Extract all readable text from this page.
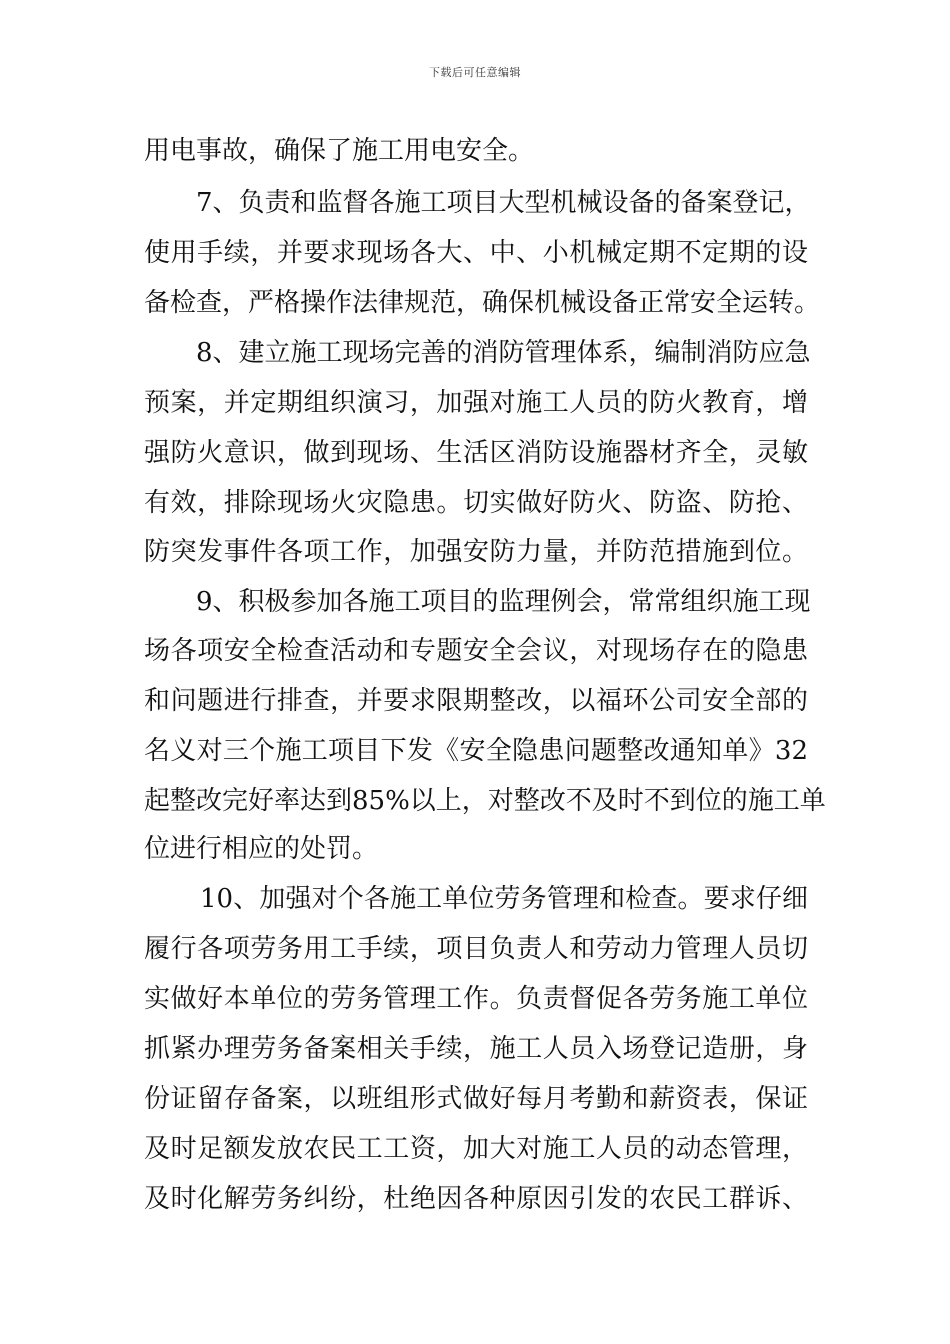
下载后可任意编辑
用电事故，确保了施工用电安全。
7、负责和监督各施工项目大型机械设备的备案登记，
使用手续，并要求现场各大、中、小机械定期不定期的设
备检查，严格操作法律规范，确保机械设备正常安全运转。
8、建立施工现场完善的消防管理体系，编制消防应急
预案，并定期组织演习，加强对施工人员的防火教育，增
强防火意识，做到现场、生活区消防设施器材齐全，灵敏
有效，排除现场火灾隐患。切实做好防火、防盗、防抢、
防突发事件各项工作，加强安防力量，并防范措施到位。
9、积极参加各施工项目的监理例会，常常组织施工现
场各项安全检查活动和专题安全会议，对现场存在的隐患
和问题进行排查，并要求限期整改，以福环公司安全部的
名义对三个施工项目下发《安全隐患问题整改通知单》32
起整改完好率达到85%以上，对整改不及时不到位的施工单
位进行相应的处罚。
10、加强对个各施工单位劳务管理和检查。要求仔细
履行各项劳务用工手续，项目负责人和劳动力管理人员切
实做好本单位的劳务管理工作。负责督促各劳务施工单位
抓紧办理劳务备案相关手续，施工人员入场登记造册，身
份证留存备案，以班组形式做好每月考勤和薪资表，保证
及时足额发放农民工工资，加大对施工人员的动态管理，
及时化解劳务纠纷，杜绝因各种原因引发的农民工群诉、
